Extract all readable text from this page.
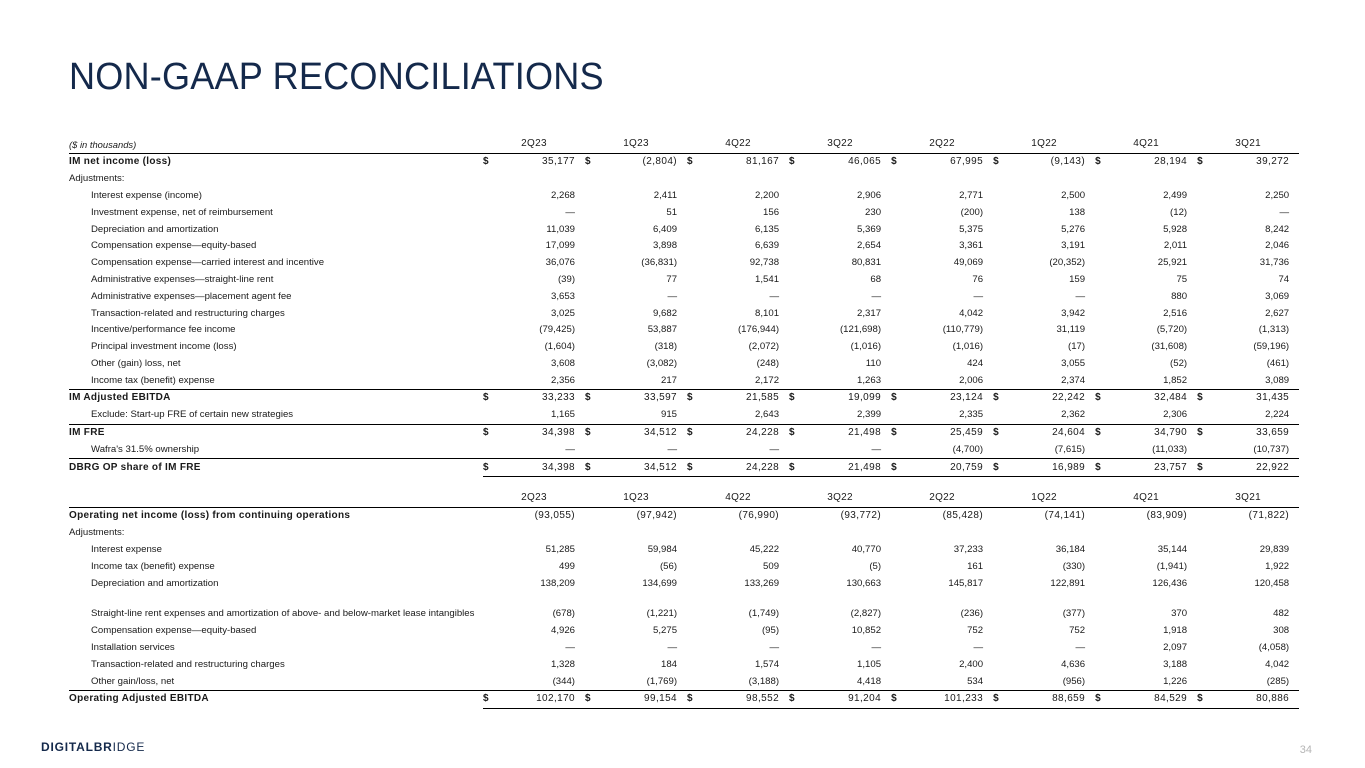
NON-GAAP RECONCILIATIONS
($ in thousands)	2Q23		1Q23		4Q22		3Q22		2Q22		1Q22		4Q21		3Q21	
IM net income (loss)	$	35,177	$	(2,804)	$	81,167	$	46,065	$	67,995	$	(9,143)	$	28,194	$	39,272
Adjustments:																
Interest expense (income)		2,268		2,411		2,200		2,906		2,771		2,500		2,499		2,250
Investment expense, net of reimbursement		—		51		156		230		(200)		138		(12)		—
Depreciation and amortization		11,039		6,409		6,135		5,369		5,375		5,276		5,928		8,242
Compensation expense—equity-based		17,099		3,898		6,639		2,654		3,361		3,191		2,011		2,046
Compensation expense—carried interest and incentive		36,076		(36,831)		92,738		80,831		49,069		(20,352)		25,921		31,736
Administrative expenses—straight-line rent		(39)		77		1,541		68		76		159		75		74
Administrative expenses—placement agent fee		3,653		—		—		—		—		—		880		3,069
Transaction-related and restructuring charges		3,025		9,682		8,101		2,317		4,042		3,942		2,516		2,627
Incentive/performance fee income		(79,425)		53,887		(176,944)		(121,698)		(110,779)		31,119		(5,720)		(1,313)
Principal investment income (loss)		(1,604)		(318)		(2,072)		(1,016)		(1,016)		(17)		(31,608)		(59,196)
Other (gain) loss, net		3,608		(3,082)		(248)		110		424		3,055		(52)		(461)
Income tax (benefit) expense		2,356		217		2,172		1,263		2,006		2,374		1,852		3,089
IM Adjusted EBITDA	$	33,233	$	33,597	$	21,585	$	19,099	$	23,124	$	22,242	$	32,484	$	31,435
Exclude: Start-up FRE of certain new strategies		1,165		915		2,643		2,399		2,335		2,362		2,306		2,224
IM FRE	$	34,398	$	34,512	$	24,228	$	21,498	$	25,459	$	24,604	$	34,790	$	33,659
Wafra's 31.5% ownership		—		—		—		—		(4,700)		(7,615)		(11,033)		(10,737)
DBRG OP share of IM FRE	$	34,398	$	34,512	$	24,228	$	21,498	$	20,759	$	16,989	$	23,757	$	22,922
	2Q23		1Q23		4Q22		3Q22		2Q22		1Q22		4Q21		3Q21	
Operating net income (loss) from continuing operations		(93,055)		(97,942)		(76,990)		(93,772)		(85,428)		(74,141)		(83,909)		(71,822)
Adjustments:																
Interest expense		51,285		59,984		45,222		40,770		37,233		36,184		35,144		29,839
Income tax (benefit) expense		499		(56)		509		(5)		161		(330)		(1,941)		1,922
Depreciation and amortization		138,209		134,699		133,269		130,663		145,817		122,891		126,436		120,458

Straight-line rent expenses and amortization of above- and below-market lease intangibles		(678)		(1,221)		(1,749)		(2,827)		(236)		(377)		370		482
Compensation expense—equity-based		4,926		5,275		(95)		10,852		752		752		1,918		308
Installation services		—		—		—		—		—		—		2,097		(4,058)
Transaction-related and restructuring charges		1,328		184		1,574		1,105		2,400		4,636		3,188		4,042
Other gain/loss, net		(344)		(1,769)		(3,188)		4,418		534		(956)		1,226		(285)
Operating Adjusted EBITDA	$	102,170	$	99,154	$	98,552	$	91,204	$	101,233	$	88,659	$	84,529	$	80,886
DIGITALBRIDGE	34
